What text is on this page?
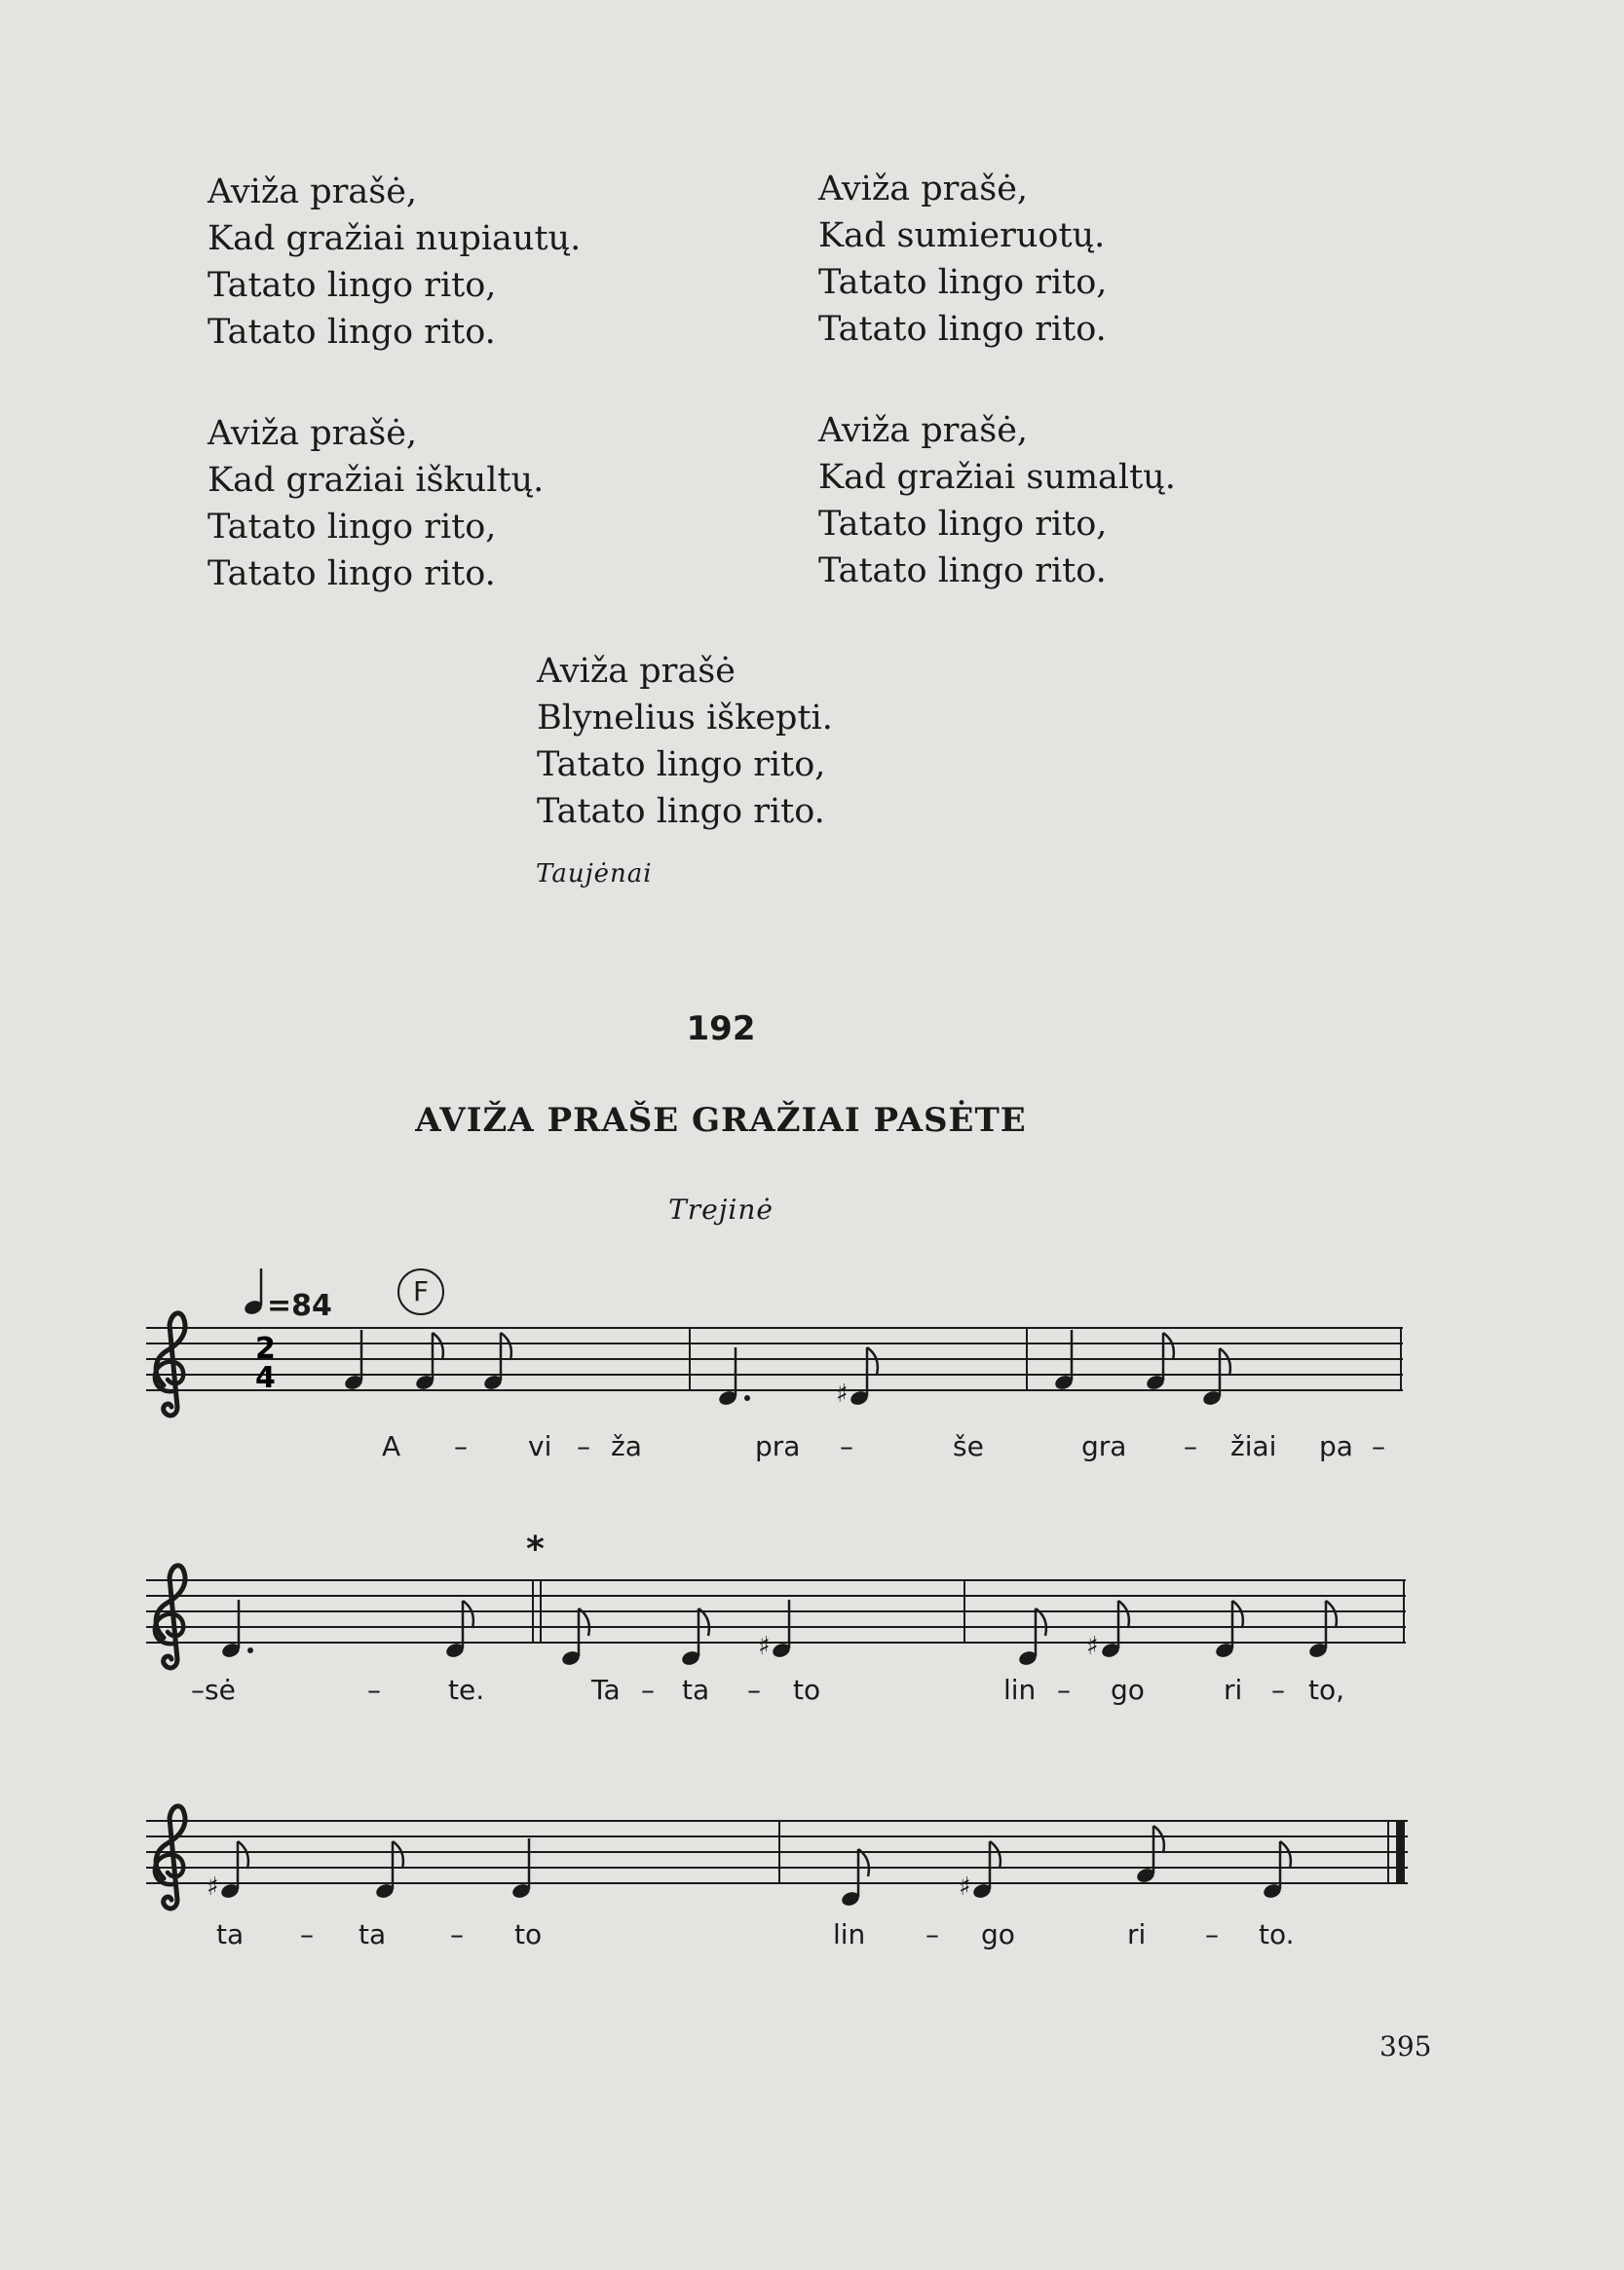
Aviža prašė,
Kad gražiai nupiautų.
Tatato lingo rito,
Tatato lingo rito.
Aviža prašė,
Kad sumieruotų.
Tatato lingo rito,
Tatato lingo rito.
Aviža prašė,
Kad gražiai iškultų.
Tatato lingo rito,
Tatato lingo rito.
Aviža prašė,
Kad gražiai sumaltų.
Tatato lingo rito,
Tatato lingo rito.
Aviža prašė
Blynelius iškepti.
Tatato lingo rito,
Tatato lingo rito.
Taujėnai
192
AVIŽA PRAŠE GRAŽIAI PASĖTE
Trejinė
=84	F
2
4	♯
A – vi – ža	pra –	še	gra – žiai pa –
*
♯	♯
–sė	– te.	Ta – ta – to	lin – go	ri – to,
♯	♯
ta – ta – to	lin – go	ri – to.
395
